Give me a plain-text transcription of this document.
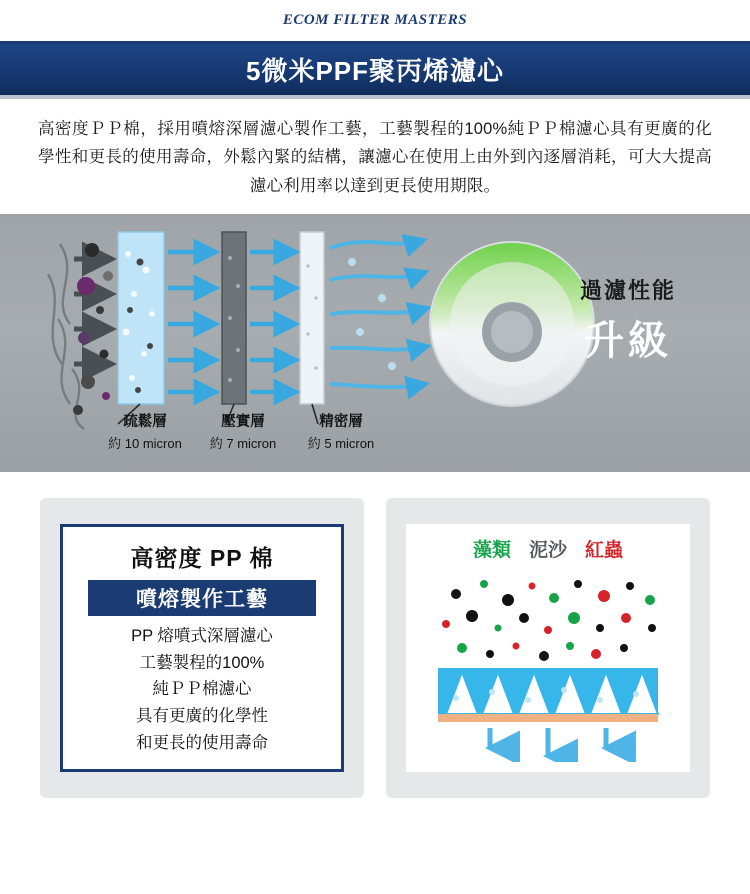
ECOM FILTER MASTERS
5微米PPF聚丙烯濾心

高密度ＰＰ棉，採用噴熔深層濾心製作工藝，工藝製程的100%純ＰＰ棉濾心具有更廣的化學性和更長的使用壽命，外鬆內緊的結構，讓濾心在使用上由外到內逐層消耗，可大大提高濾心利用率以達到更長使用期限。

疏鬆層
約 10 micron
壓實層
約 7 micron
精密層
約 5 micron
過濾性能
升級
高密度 PP 棉
噴熔製作工藝
PP 熔噴式深層濾心
工藝製程的100%
純ＰＰ棉濾心
具有更廣的化學性
和更長的使用壽命
藻類 泥沙 紅蟲
